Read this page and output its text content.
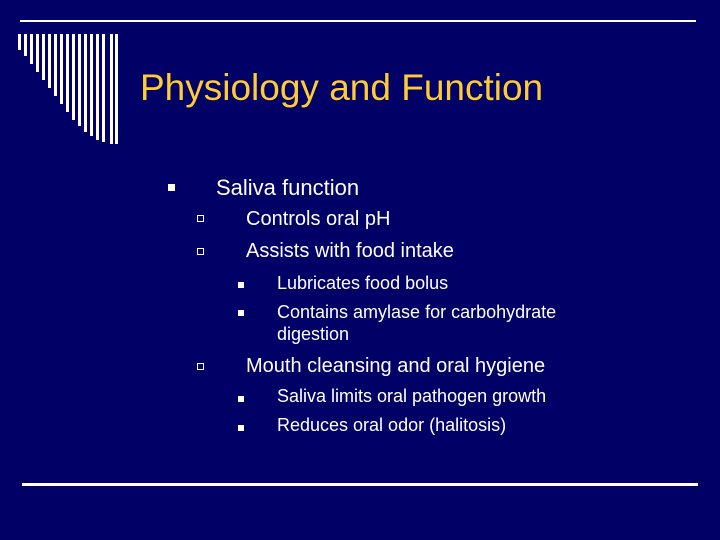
Physiology and Function
Saliva function
Controls oral pH
Assists with food intake
Lubricates food bolus
Contains amylase for carbohydrate
digestion
Mouth cleansing and oral hygiene
Saliva limits oral pathogen growth
Reduces oral odor (halitosis)
